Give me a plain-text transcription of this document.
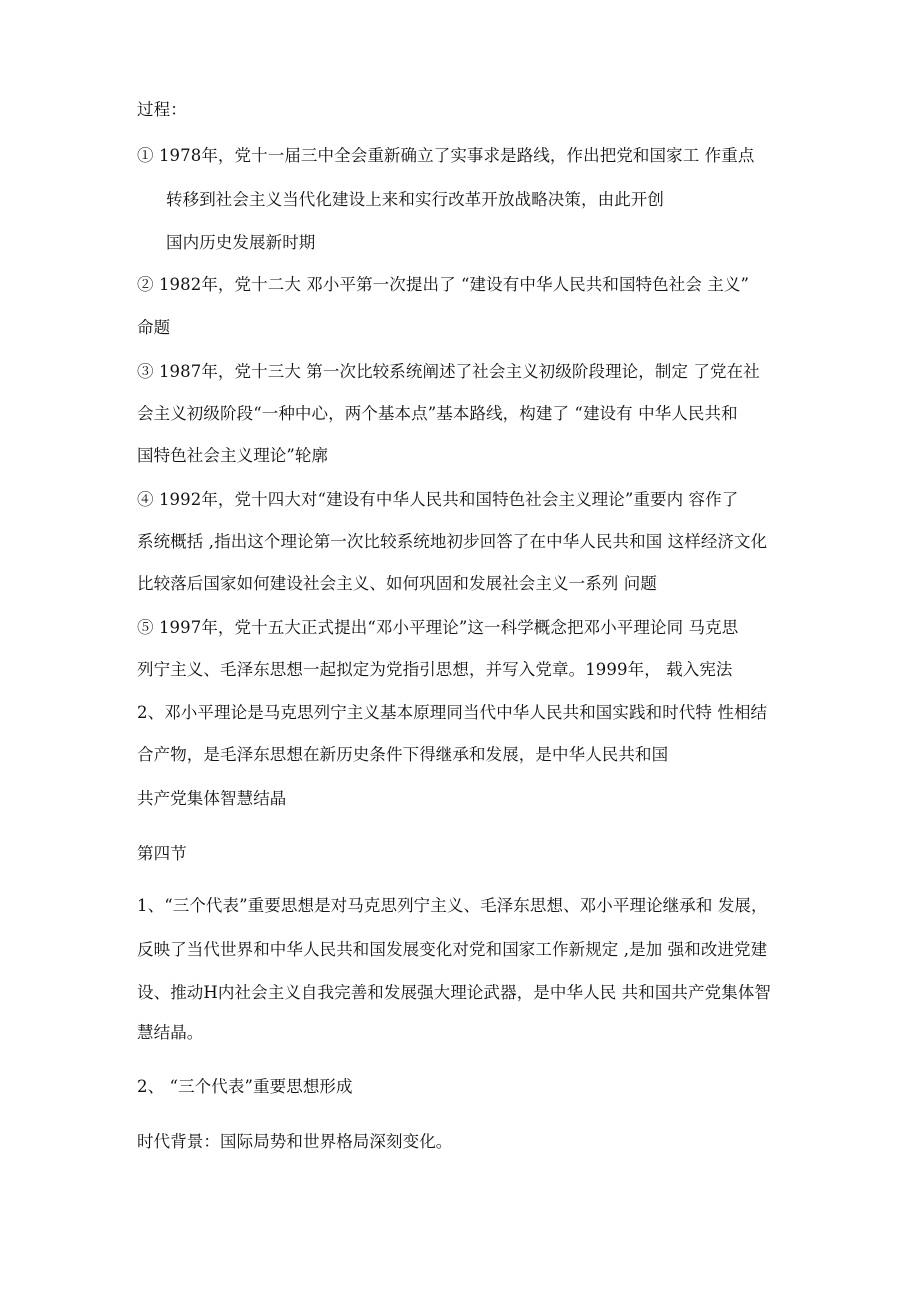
过程：
① 1978年，党十一届三中全会重新确立了实事求是路线，作出把党和国家工 作重点
转移到社会主义当代化建设上来和实行改革开放战略决策，由此开创
国内历史发展新时期
② 1982年，党十二大 邓小平第一次提出了 “建设有中华人民共和国特色社会 主义”
命题
③ 1987年，党十三大 第一次比较系统阐述了社会主义初级阶段理论，制定 了党在社
会主义初级阶段“一种中心，两个基本点”基本路线，构建了 “建设有 中华人民共和
国特色社会主义理论”轮廓
④ 1992年，党十四大对“建设有中华人民共和国特色社会主义理论”重要内 容作了
系统概括 ,指出这个理论第一次比较系统地初步回答了在中华人民共和国 这样经济文化
比较落后国家如何建设社会主义、如何巩固和发展社会主义一系列 问题
⑤ 1997年，党十五大正式提出“邓小平理论”这一科学概念把邓小平理论同 马克思
列宁主义、毛泽东思想一起拟定为党指引思想，并写入党章。1999年， 载入宪法
2、邓小平理论是马克思列宁主义基本原理同当代中华人民共和国实践和时代特 性相结
合产物，是毛泽东思想在新历史条件下得继承和发展，是中华人民共和国
共产党集体智慧结晶
第四节
1、“三个代表”重要思想是对马克思列宁主义、毛泽东思想、邓小平理论继承和 发展，
反映了当代世界和中华人民共和国发展变化对党和国家工作新规定 ,是加 强和改进党建
设、推动H内社会主义自我完善和发展强大理论武器，是中华人民 共和国共产党集体智
慧结晶。
2、 “三个代表”重要思想形成
时代背景：国际局势和世界格局深刻变化。
